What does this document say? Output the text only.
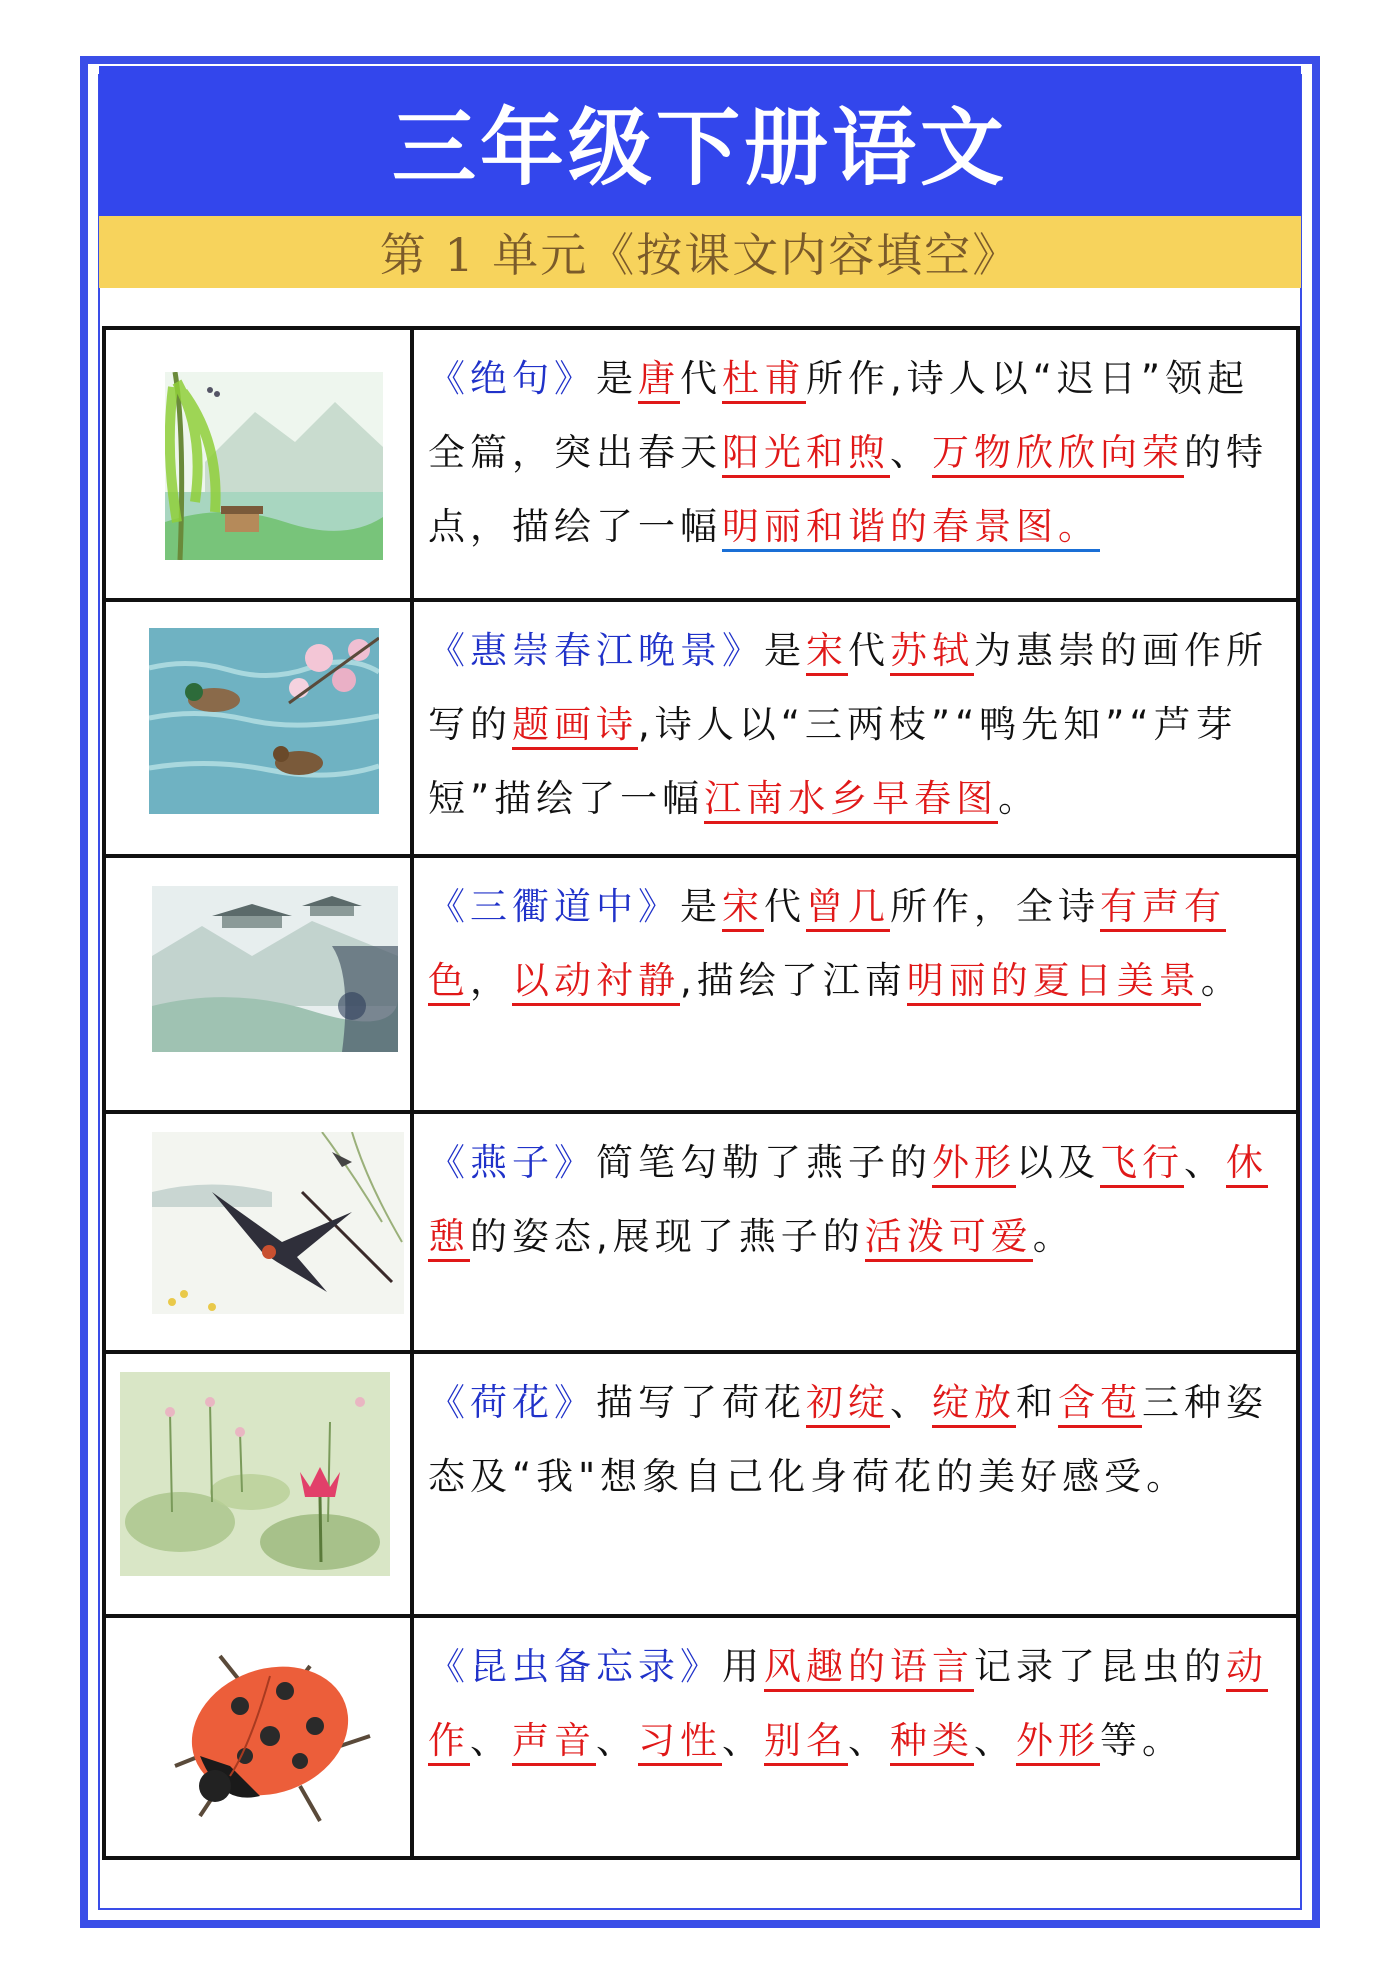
三年级下册语文
第 1 单元《按课文内容填空》

《绝句》是唐代杜甫所作,诗人以“迟日”领起全篇，突出春天阳光和煦、万物欣欣向荣的特点，描绘了一幅明丽和谐的春景图。

《惠崇春江晚景》是宋代苏轼为惠崇的画作所写的题画诗,诗人以“三两枝”“鸭先知”“芦芽短”描绘了一幅江南水乡早春图。

《三衢道中》是宋代曾几所作，全诗有声有色，以动衬静,描绘了江南明丽的夏日美景。

《燕子》简笔勾勒了燕子的外形以及飞行、休憩的姿态,展现了燕子的活泼可爱。

《荷花》描写了荷花初绽、绽放和含苞三种姿态及“我"想象自己化身荷花的美好感受。

《昆虫备忘录》用风趣的语言记录了昆虫的动作、声音、习性、别名、种类、外形等。
